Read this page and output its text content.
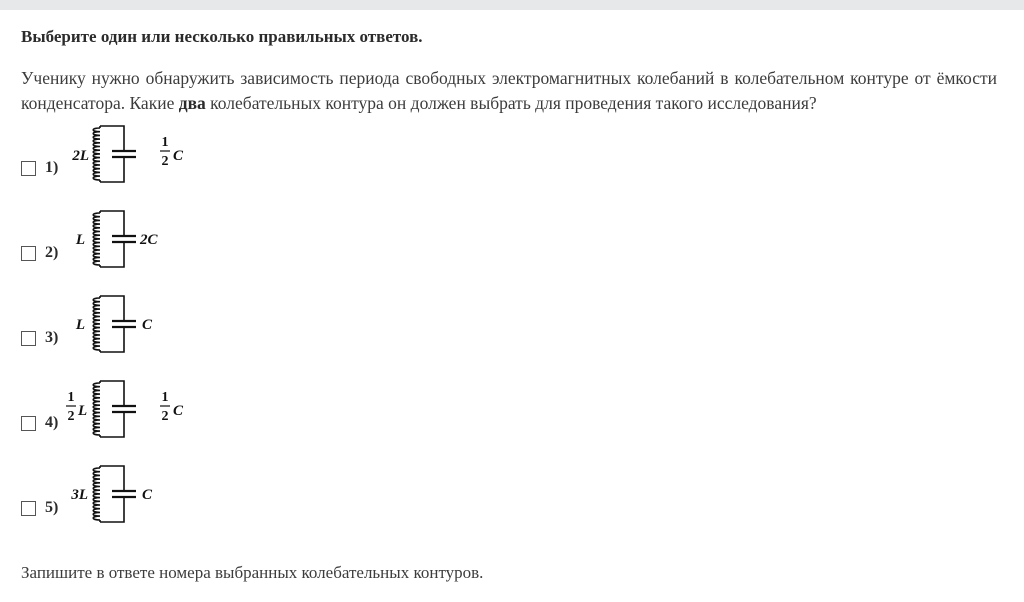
Выберите один или несколько правильных ответов.
Ученику нужно обнаружить зависимость периода свободных электромагнитных колебаний в колебательном контуре от ёмкости конденсатора. Какие два колебательных контура он должен выбрать для проведения такого исследования?
1)
2L
1
2 C
2)
L	2C
3)
L	C
4)
1
2 L
1
2 C
5)
3L	C
Запишите в ответе номера выбранных колебательных контуров.
